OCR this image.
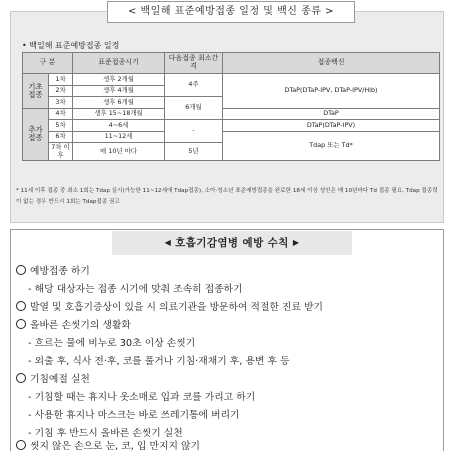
< 백일해 표준예방접종 일정 및 백신 종류 >
• 백일해 표준예방접종 일정
구 분		표준접종시기	다음접종 최소간격	접종백신
기초 접종	1차	생후 2개월	4주	DTaP(DTaP-IPV, DTaP-IPV/Hib)
	2차	생후 4개월		
	3차	생후 6개월	6개월	
추가 접종	4차	생후 15~18개월		DTaP
	5차	4~6세	-	DTaP(DTaP-IPV)
	6차	11~12세		Tdap 또는 Td*
	7차 이후	매 10년 마다	5년	
* 11세 이후 접종 중 최소 1회는 Tdap 실시(가능한 11~12세에 Tdap접종), 소아·청소년 표준예방접종을 완료한 18세 이상 성인은 매 10년마다 Td 접종 필요, Tdap 접종력이 없는 경우 반드시 1회는 Tdap접종 권고
◀ 호흡기감염병 예방 수칙 ▶
예방접종 하기
- 해당 대상자는 접종 시기에 맞춰 조속히 접종하기
발열 및 호흡기증상이 있을 시 의료기관을 방문하여 적절한 진료 받기
올바른 손씻기의 생활화
- 흐르는 물에 비누로 30초 이상 손씻기
- 외출 후, 식사 전·후, 코를 풀거나 기침·재채기 후, 용변 후 등
기침예절 실천
- 기침할 때는 휴지나 옷소매로 입과 코를 가리고 하기
- 사용한 휴지나 마스크는 바로 쓰레기통에 버리기
- 기침 후 반드시 올바른 손씻기 실천
씻지 않은 손으로 눈, 코, 입 만지지 않기
